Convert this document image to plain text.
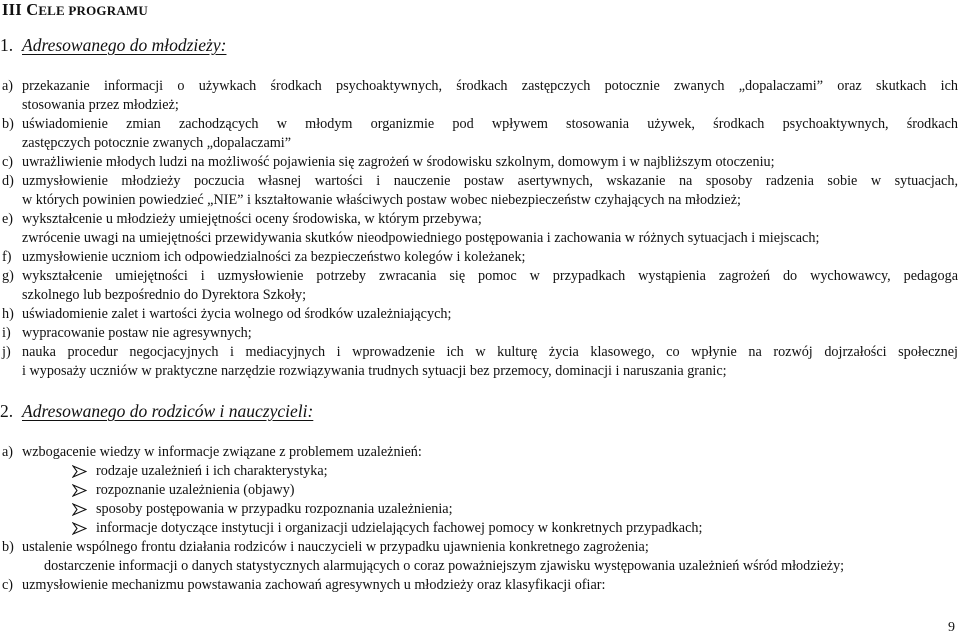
III CELE PROGRAMU
1. Adresowanego do młodzieży:
a) przekazanie informacji o używkach środkach psychoaktywnych, środkach zastępczych potocznie zwanych „dopalaczami” oraz skutkach ich
stosowania przez młodzież;
b) uświadomienie zmian zachodzących w młodym organizmie pod wpływem stosowania używek, środkach psychoaktywnych, środkach
zastępczych potocznie zwanych „dopalaczami”
c) uwrażliwienie młodych ludzi na możliwość pojawienia się zagrożeń w środowisku szkolnym, domowym i w najbliższym otoczeniu;
d) uzmysłowienie młodzieży poczucia własnej wartości i nauczenie postaw asertywnych, wskazanie na sposoby radzenia sobie w sytuacjach,
w których powinien powiedzieć „NIE” i kształtowanie właściwych postaw wobec niebezpieczeństw czyhających na młodzież;
e) wykształcenie u młodzieży umiejętności oceny środowiska, w którym przebywa;
zwrócenie uwagi na umiejętności przewidywania skutków nieodpowiedniego postępowania i zachowania w różnych sytuacjach i miejscach;
f) uzmysłowienie uczniom ich odpowiedzialności za bezpieczeństwo kolegów i koleżanek;
g) wykształcenie umiejętności i uzmysłowienie potrzeby zwracania się pomoc w przypadkach wystąpienia zagrożeń do wychowawcy, pedagoga
szkolnego lub bezpośrednio do Dyrektora Szkoły;
h) uświadomienie zalet i wartości życia wolnego od środków uzależniających;
i) wypracowanie postaw nie agresywnych;
j) nauka procedur negocjacyjnych i mediacyjnych i wprowadzenie ich w kulturę życia klasowego, co wpłynie na rozwój dojrzałości społecznej
i wyposaży uczniów w praktyczne narzędzie rozwiązywania trudnych sytuacji bez przemocy, dominacji i naruszania granic;
2. Adresowanego do rodziców i nauczycieli:
a) wzbogacenie wiedzy w informacje związane z problemem uzależnień:
rodzaje uzależnień i ich charakterystyka;
rozpoznanie uzależnienia (objawy)
sposoby postępowania w przypadku rozpoznania uzależnienia;
informacje dotyczące instytucji i organizacji udzielających fachowej pomocy w konkretnych przypadkach;
b) ustalenie wspólnego frontu działania rodziców i nauczycieli w przypadku ujawnienia konkretnego zagrożenia;
dostarczenie informacji o danych statystycznych alarmujących o coraz poważniejszym zjawisku występowania uzależnień wśród młodzieży;
c) uzmysłowienie mechanizmu powstawania zachowań agresywnych u młodzieży oraz klasyfikacji ofiar:
9
